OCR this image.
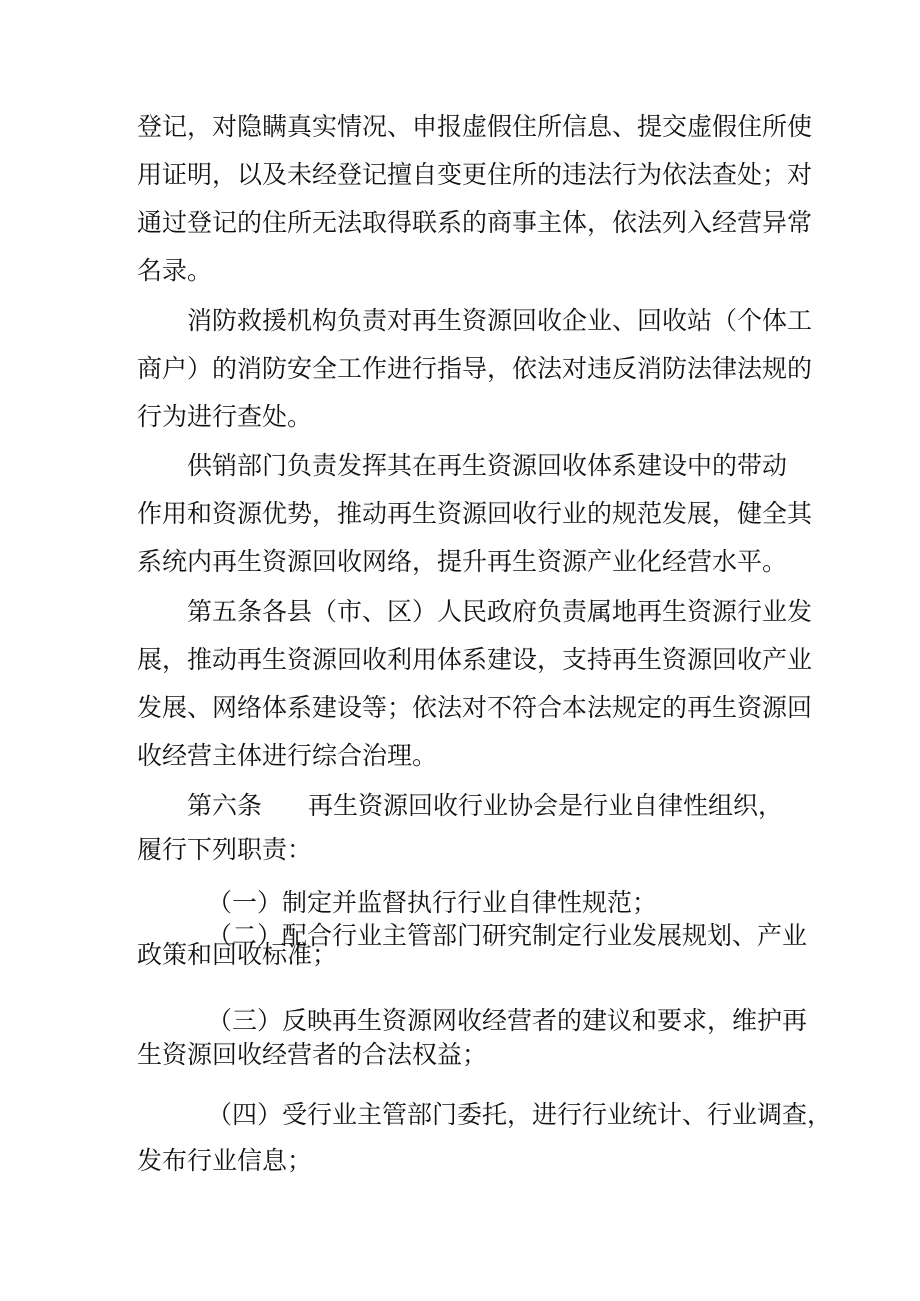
登记，对隐瞒真实情况、申报虚假住所信息、提交虚假住所使
用证明，以及未经登记擅自变更住所的违法行为依法查处；对
通过登记的住所无法取得联系的商事主体，依法列入经营异常
名录。
消防救援机构负责对再生资源回收企业、回收站（个体工
商户）的消防安全工作进行指导，依法对违反消防法律法规的
行为进行查处。
供销部门负责发挥其在再生资源回收体系建设中的带动
作用和资源优势，推动再生资源回收行业的规范发展，健全其
系统内再生资源回收网络，提升再生资源产业化经营水平。
第五条各县（市、区）人民政府负责属地再生资源行业发
展，推动再生资源回收利用体系建设，支持再生资源回收产业
发展、网络体系建设等；依法对不符合本法规定的再生资源回
收经营主体进行综合治理。
第六条 再生资源回收行业协会是行业自律性组织，
履行下列职责：
（一）制定并监督执行行业自律性规范；
（二）配合行业主管部门研究制定行业发展规划、产业
政策和回收标准；
（三）反映再生资源网收经营者的建议和要求，维护再
生资源回收经营者的合法权益；
（四）受行业主管部门委托，进行行业统计、行业调查，
发布行业信息；
